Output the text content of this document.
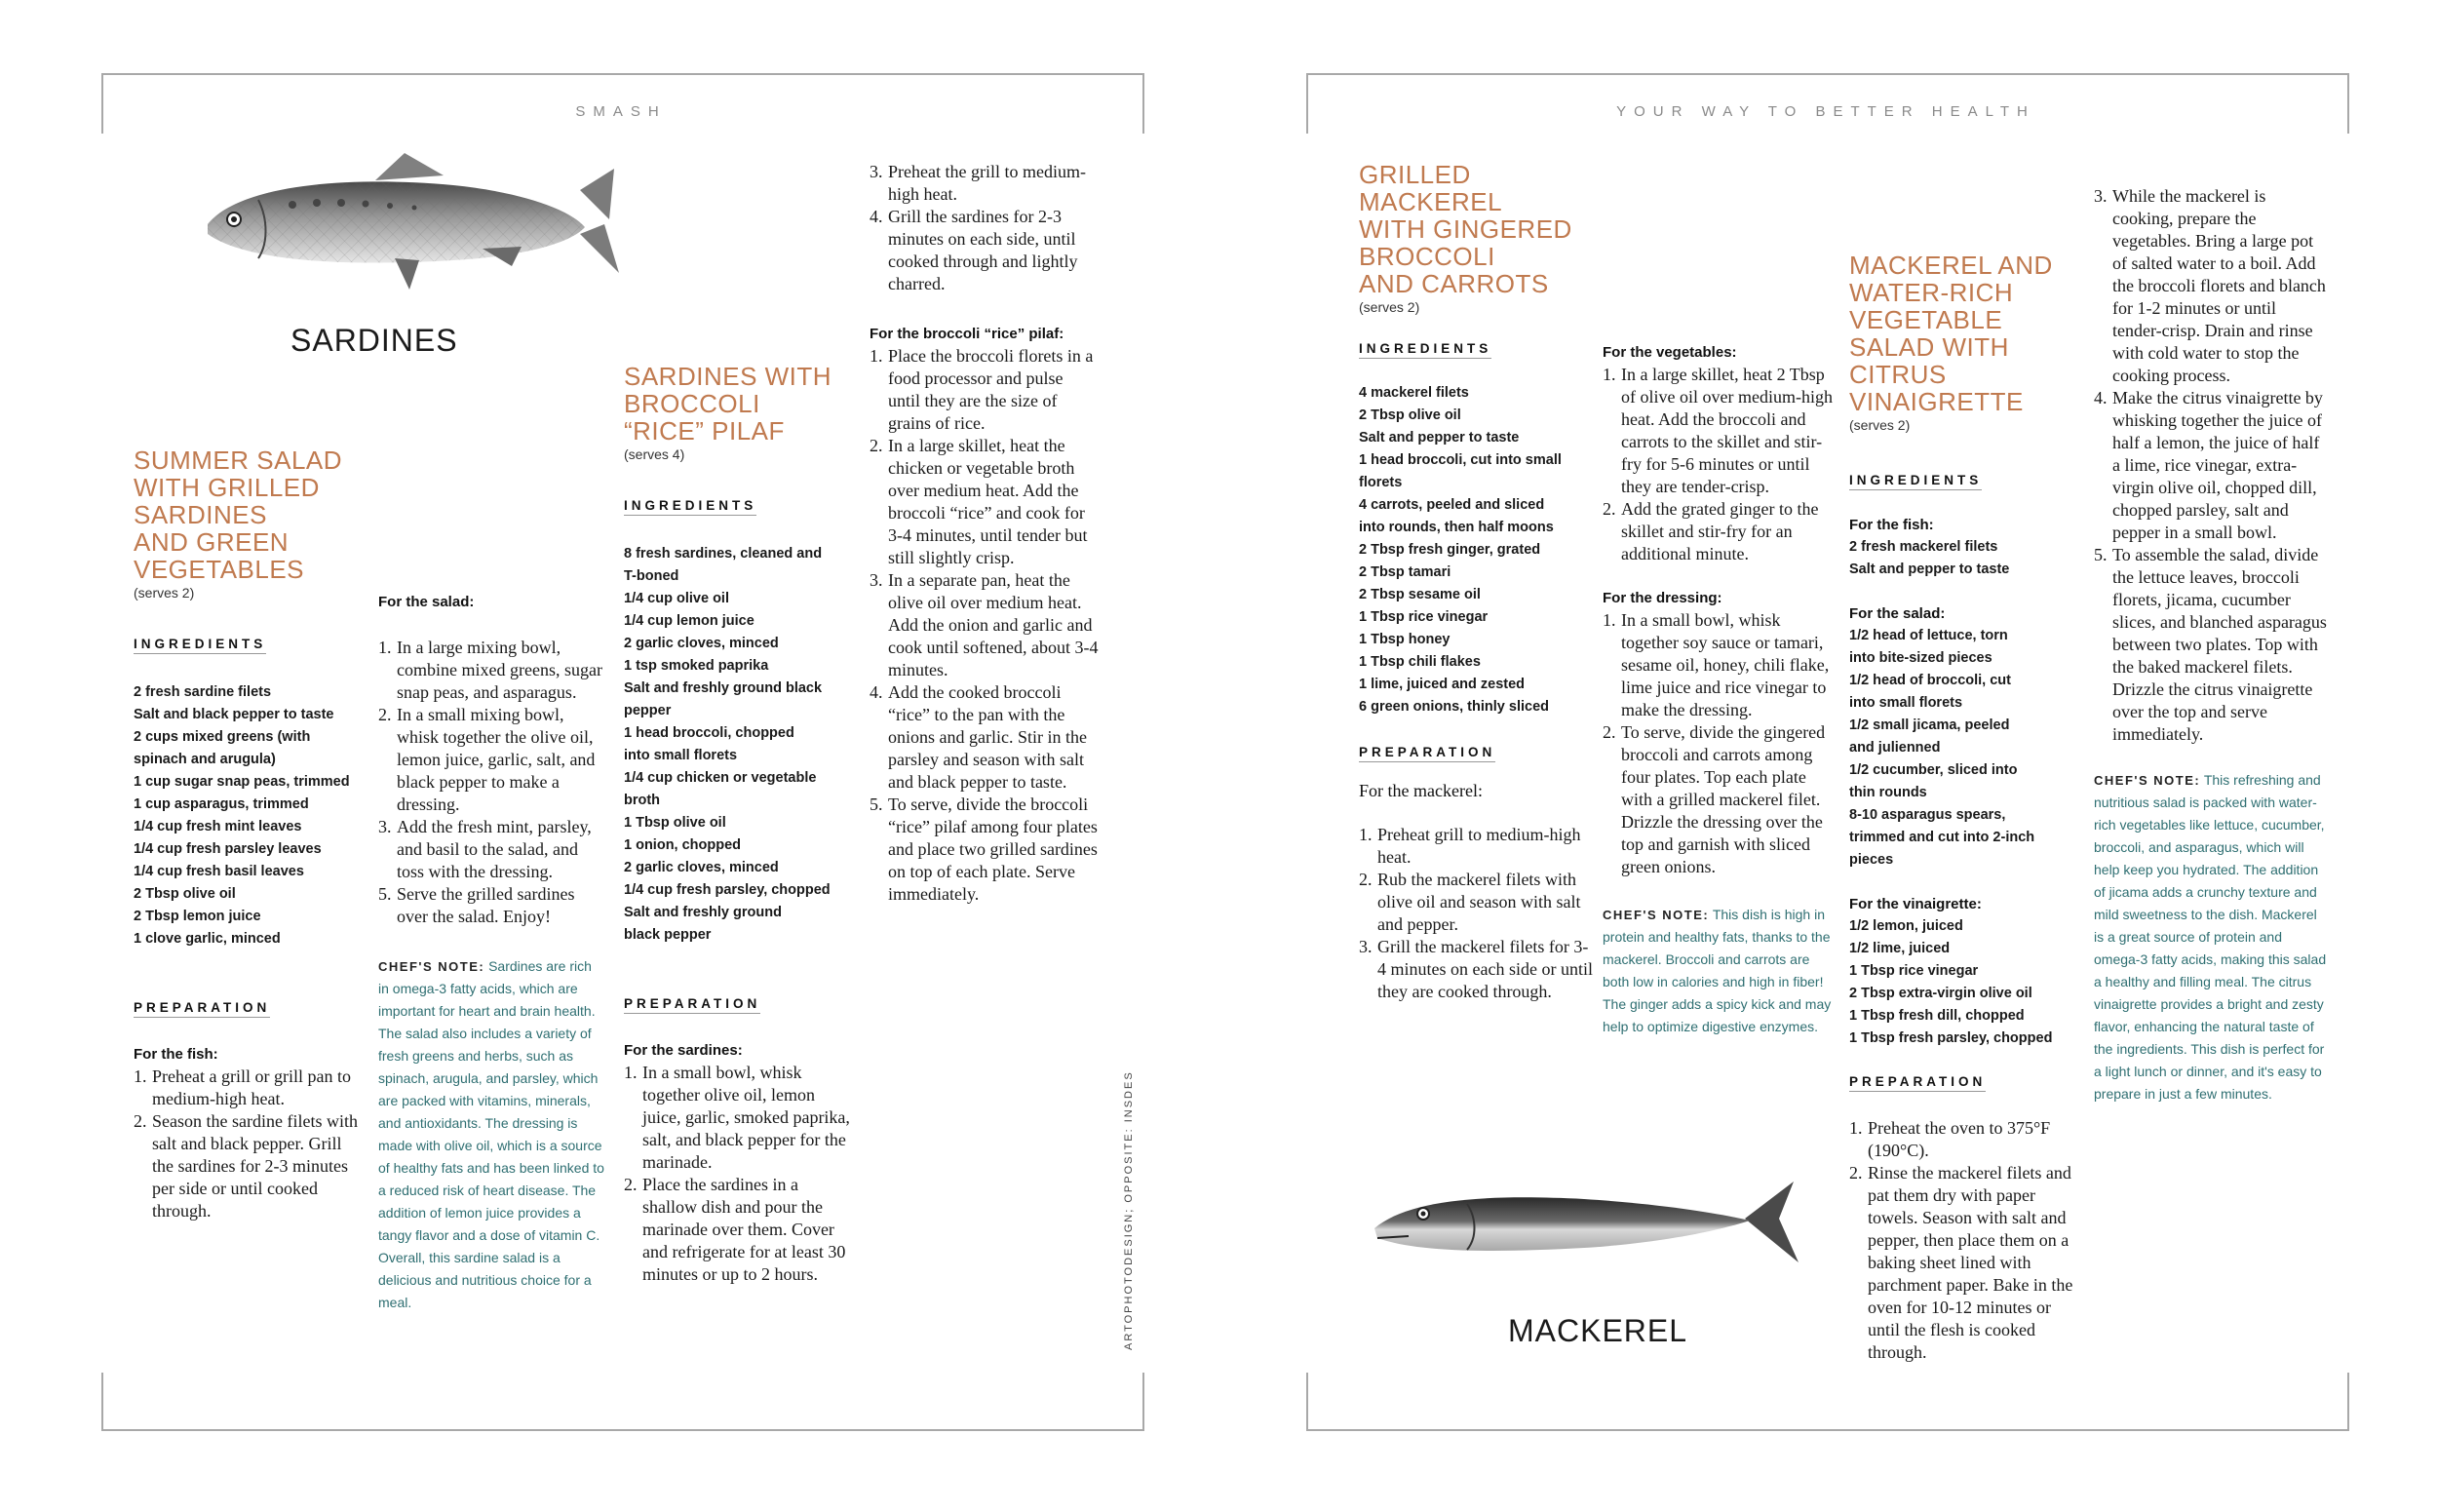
SMASH
SARDINES
SUMMER SALAD
WITH GRILLED
SARDINES
AND GREEN
VEGETABLES
(serves 2)
INGREDIENTS
2 fresh sardine filets
Salt and black pepper to taste
2 cups mixed greens (with
spinach and arugula)
1 cup sugar snap peas, trimmed
1 cup asparagus, trimmed
1/4 cup fresh mint leaves
1/4 cup fresh parsley leaves
1/4 cup fresh basil leaves
2 Tbsp olive oil
2 Tbsp lemon juice
1 clove garlic, minced
PREPARATION

For the fish:

1. Preheat a grill or grill pan to medium-high heat.
2. Season the sardine filets with salt and black pepper. Grill the sardines for 2-3 minutes per side or until cooked through.

For the salad:

1. In a large mixing bowl, combine mixed greens, sugar snap peas, and asparagus.
2. In a small mixing bowl, whisk together the olive oil, lemon juice, garlic, salt, and black pepper to make a dressing.
3. Add the fresh mint, parsley, and basil to the salad, and toss with the dressing.
5. Serve the grilled sardines over the salad. Enjoy!

CHEF'S NOTE: Sardines are rich in omega-3 fatty acids, which are important for heart and brain health. The salad also includes a variety of fresh greens and herbs, such as spinach, arugula, and parsley, which are packed with vitamins, minerals, and antioxidants. The dressing is made with olive oil, which is a source of healthy fats and has been linked to a reduced risk of heart disease. The addition of lemon juice provides a tangy flavor and a dose of vitamin C. Overall, this sardine salad is a delicious and nutritious choice for a meal.

SARDINES WITH
BROCCOLI
“RICE” PILAF
(serves 4)
INGREDIENTS
8 fresh sardines, cleaned and
T-boned
1/4 cup olive oil
1/4 cup lemon juice
2 garlic cloves, minced
1 tsp smoked paprika
Salt and freshly ground black
pepper
1 head broccoli, chopped
into small florets
1/4 cup chicken or vegetable
broth
1 Tbsp olive oil
1 onion, chopped
2 garlic cloves, minced
1/4 cup fresh parsley, chopped
Salt and freshly ground
black pepper
PREPARATION

For the sardines:

1. In a small bowl, whisk together olive oil, lemon juice, garlic, smoked paprika, salt, and black pepper for the marinade.
2. Place the sardines in a shallow dish and pour the marinade over them. Cover and refrigerate for at least 30 minutes or up to 2 hours.
3. Preheat the grill to medium-high heat.
4. Grill the sardines for 2-3 minutes on each side, until cooked through and lightly charred.

For the broccoli “rice” pilaf:

1. Place the broccoli florets in a food processor and pulse until they are the size of grains of rice.
2. In a large skillet, heat the chicken or vegetable broth over medium heat. Add the broccoli “rice” and cook for 3-4 minutes, until tender but still slightly crisp.
3. In a separate pan, heat the olive oil over medium heat. Add the onion and garlic and cook until softened, about 3-4 minutes.
4. Add the cooked broccoli “rice” to the pan with the onions and garlic. Stir in the parsley and season with salt and black pepper to taste.
5. To serve, divide the broccoli “rice” pilaf among four plates and place two grilled sardines on top of each plate. Serve immediately.
ARTOPHOTODESIGN; OPPOSITE: INSDES
YOUR WAY TO BETTER HEALTH
GRILLED
MACKEREL
WITH GINGERED
BROCCOLI
AND CARROTS
(serves 2)
INGREDIENTS
4 mackerel filets
2 Tbsp olive oil
Salt and pepper to taste
1 head broccoli, cut into small
florets
4 carrots, peeled and sliced
into rounds, then half moons
2 Tbsp fresh ginger, grated
2 Tbsp tamari
2 Tbsp sesame oil
1 Tbsp rice vinegar
1 Tbsp honey
1 Tbsp chili flakes
1 lime, juiced and zested
6 green onions, thinly sliced
PREPARATION

For the mackerel:

1. Preheat grill to medium-high heat.
2. Rub the mackerel filets with olive oil and season with salt and pepper.
3. Grill the mackerel filets for 3-4 minutes on each side or until they are cooked through.

For the vegetables:

1. In a large skillet, heat 2 Tbsp of olive oil over medium-high heat. Add the broccoli and carrots to the skillet and stir-fry for 5-6 minutes or until they are tender-crisp.
2. Add the grated ginger to the skillet and stir-fry for an additional minute.

For the dressing:

1. In a small bowl, whisk together soy sauce or tamari, sesame oil, honey, chili flake, lime juice and rice vinegar to make the dressing.
2. To serve, divide the gingered broccoli and carrots among four plates. Top each plate with a grilled mackerel filet. Drizzle the dressing over the top and garnish with sliced green onions.

CHEF'S NOTE: This dish is high in protein and healthy fats, thanks to the mackerel. Broccoli and carrots are both low in calories and high in fiber! The ginger adds a spicy kick and may help to optimize digestive enzymes.

MACKEREL
MACKEREL AND
WATER-RICH
VEGETABLE
SALAD WITH
CITRUS
VINAIGRETTE
(serves 2)
INGREDIENTS

For the fish:

2 fresh mackerel filets
Salt and pepper to taste

For the salad:

1/2 head of lettuce, torn
into bite-sized pieces
1/2 head of broccoli, cut
into small florets
1/2 small jicama, peeled
and julienned
1/2 cucumber, sliced into
thin rounds
8-10 asparagus spears,
trimmed and cut into 2-inch
pieces

For the vinaigrette:

1/2 lemon, juiced
1/2 lime, juiced
1 Tbsp rice vinegar
2 Tbsp extra-virgin olive oil
1 Tbsp fresh dill, chopped
1 Tbsp fresh parsley, chopped
PREPARATION
1. Preheat the oven to 375°F (190°C).
2. Rinse the mackerel filets and pat them dry with paper towels. Season with salt and pepper, then place them on a baking sheet lined with parchment paper. Bake in the oven for 10-12 minutes or until the flesh is cooked through.
3. While the mackerel is cooking, prepare the vegetables. Bring a large pot of salted water to a boil. Add the broccoli florets and blanch for 1-2 minutes or until tender-crisp. Drain and rinse with cold water to stop the cooking process.
4. Make the citrus vinaigrette by whisking together the juice of half a lemon, the juice of half a lime, rice vinegar, extra-virgin olive oil, chopped dill, chopped parsley, salt and pepper in a small bowl.
5. To assemble the salad, divide the lettuce leaves, broccoli florets, jicama, cucumber slices, and blanched asparagus between two plates. Top with the baked mackerel filets. Drizzle the citrus vinaigrette over the top and serve immediately.

CHEF'S NOTE: This refreshing and nutritious salad is packed with water-rich vegetables like lettuce, cucumber, broccoli, and asparagus, which will help keep you hydrated. The addition of jicama adds a crunchy texture and mild sweetness to the dish. Mackerel is a great source of protein and omega-3 fatty acids, making this salad a healthy and filling meal. The citrus vinaigrette provides a bright and zesty flavor, enhancing the natural taste of the ingredients. This dish is perfect for a light lunch or dinner, and it's easy to prepare in just a few minutes.
